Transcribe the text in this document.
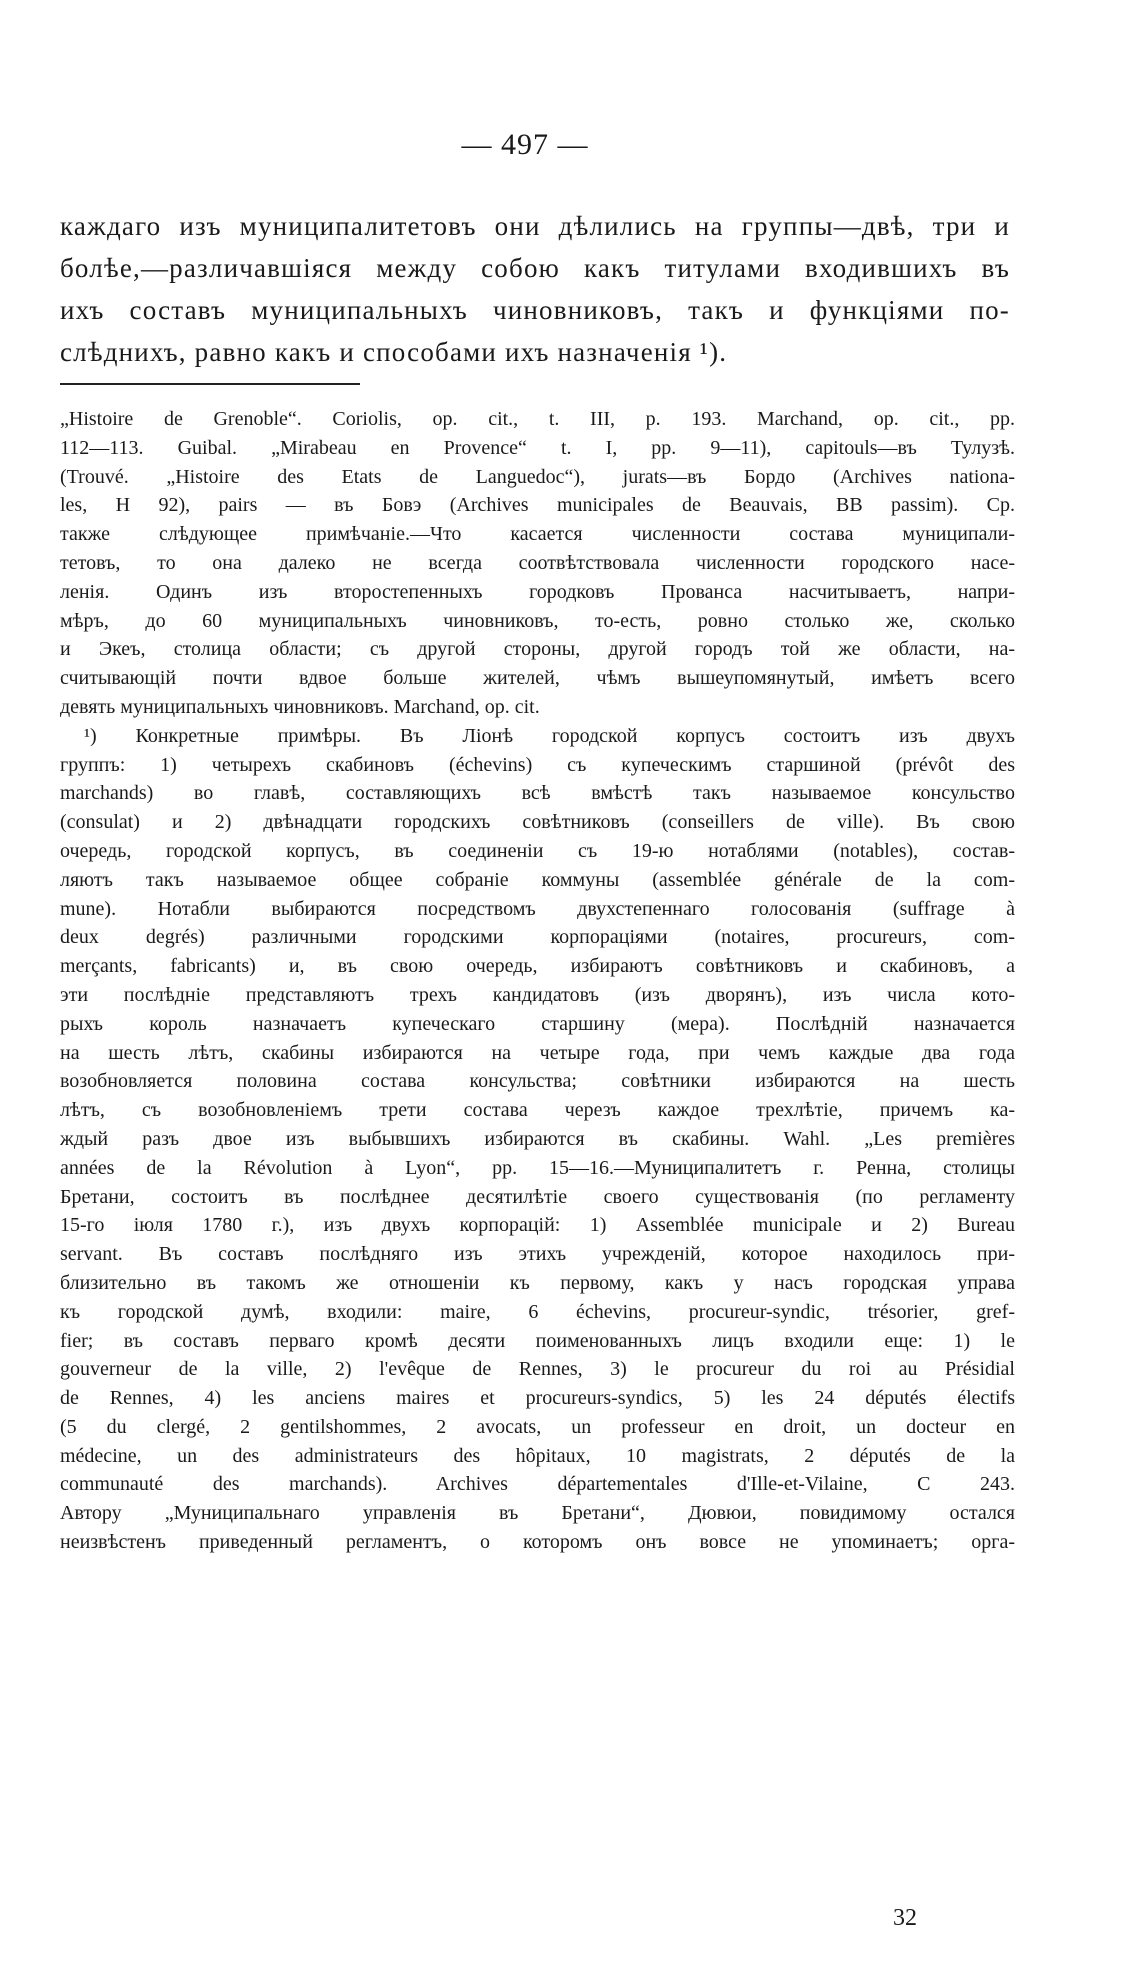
— 497 —
каждаго изъ муниципалитетовъ они дѣлились на группы—двѣ, три и
болѣе,—различавшіяся между собою какъ титулами входившихъ въ
ихъ составъ муниципальныхъ чиновниковъ, такъ и функціями по-
слѣднихъ, равно какъ и способами ихъ назначенія ¹).
„Histoire de Grenoble“. Coriolis, op. cit., t. III, p. 193. Marchand, op. cit., pp.
112—113. Guibal. „Mirabeau en Provence“ t. I, pp. 9—11), capitouls—въ Тулузѣ.
(Trouvé. „Histoire des Etats de Languedoc“), jurats—въ Бордо (Archives nationa-
les, H 92), pairs — въ Бовэ (Archives municipales de Beauvais, BB passim). Ср.
также слѣдующее примѣчаніе.—Что касается численности состава муниципали-
тетовъ, то она далеко не всегда соотвѣтствовала численности городского насе-
ленія. Одинъ изъ второстепенныхъ городковъ Прованса насчитываетъ, напри-
мѣръ, до 60 муниципальныхъ чиновниковъ, то-есть, ровно столько же, сколько
и Экеъ, столица области; съ другой стороны, другой городъ той же области, на-
считывающій почти вдвое больше жителей, чѣмъ вышеупомянутый, имѣетъ всего
девять муниципальныхъ чиновниковъ. Marchand, op. cit.
¹) Конкретные примѣры. Въ Ліонѣ городской корпусъ состоитъ изъ двухъ
группъ: 1) четырехъ скабиновъ (échevins) съ купеческимъ старшиной (prévôt des
marchands) во главѣ, составляющихъ всѣ вмѣстѣ такъ называемое консульство
(consulat) и 2) двѣнадцати городскихъ совѣтниковъ (conseillers de ville). Въ свою
очередь, городской корпусъ, въ соединеніи съ 19-ю нотаблями (notables), состав-
ляютъ такъ называемое общее собраніе коммуны (assemblée générale de la com-
mune). Нотабли выбираются посредствомъ двухстепеннаго голосованія (suffrage à
deux degrés) различными городскими корпораціями (notaires, procureurs, com-
merçants, fabricants) и, въ свою очередь, избираютъ совѣтниковъ и скабиновъ, а
эти послѣдніе представляютъ трехъ кандидатовъ (изъ дворянъ), изъ числа кото-
рыхъ король назначаетъ купеческаго старшину (мера). Послѣдній назначается
на шесть лѣтъ, скабины избираются на четыре года, при чемъ каждые два года
возобновляется половина состава консульства; совѣтники избираются на шесть
лѣтъ, съ возобновленіемъ трети состава черезъ каждое трехлѣтіе, причемъ ка-
ждый разъ двое изъ выбывшихъ избираются въ скабины. Wahl. „Les premières
années de la Révolution à Lyon“, pp. 15—16.—Муниципалитетъ г. Ренна, столицы
Бретани, состоитъ въ послѣднее десятилѣтіе своего существованія (по регламенту
15-го іюля 1780 г.), изъ двухъ корпорацій: 1) Assemblée municipale и 2) Bureau
servant. Въ составъ послѣдняго изъ этихъ учрежденій, которое находилось при-
близительно въ такомъ же отношеніи къ первому, какъ у насъ городская управа
къ городской думѣ, входили: maire, 6 échevins, procureur-syndic, trésorier, gref-
fier; въ составъ перваго кромѣ десяти поименованныхъ лицъ входили еще: 1) le
gouverneur de la ville, 2) l'evêque de Rennes, 3) le procureur du roi au Présidial
de Rennes, 4) les anciens maires et procureurs-syndics, 5) les 24 députés électifs
(5 du clergé, 2 gentilshommes, 2 avocats, un professeur en droit, un docteur en
médecine, un des administrateurs des hôpitaux, 10 magistrats, 2 députés de la
communauté des marchands). Archives départementales d'Ille-et-Vilaine, C 243.
Автору „Муниципальнаго управленія въ Бретани“, Дювюи, повидимому остался
неизвѣстенъ приведенный регламентъ, о которомъ онъ вовсе не упоминаетъ; орга-
32
